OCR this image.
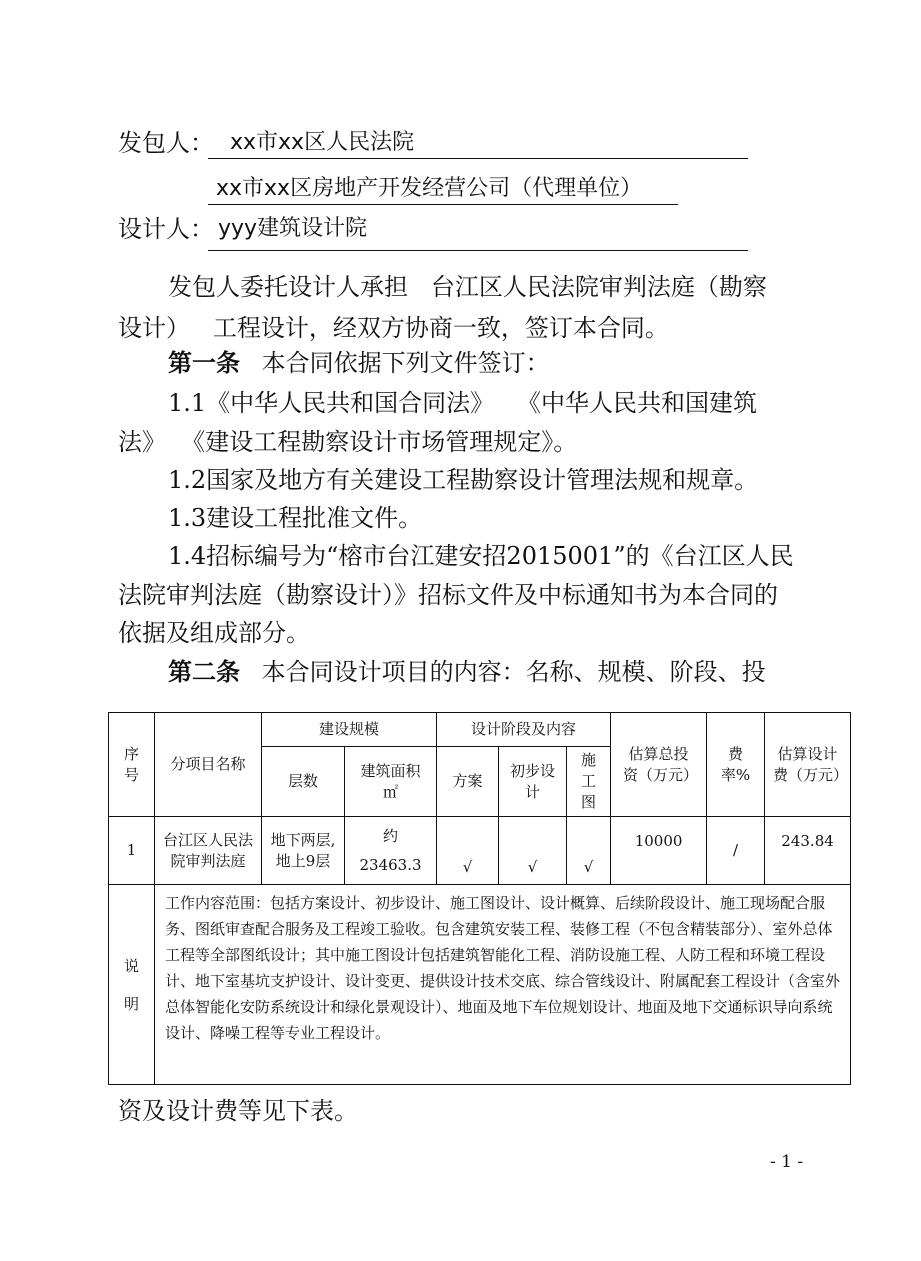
发包人： xx市xx区人民法院
xx市xx区房地产开发经营公司（代理单位）
设计人： yyy建筑设计院
发包人委托设计人承担   台江区人民法院审判法庭（勘察
设计）   工程设计，经双方协商一致，签订本合同。
第一条 本合同依据下列文件签订：
1.1《中华人民共和国合同法》   《中华人民共和国建筑
法》  《建设工程勘察设计市场管理规定》。
1.2国家及地方有关建设工程勘察设计管理法规和规章。
1.3建设工程批准文件。
1.4招标编号为“榕市台江建安招2015001”的《台江区人民
法院审判法庭（勘察设计）》招标文件及中标通知书为本合同的
依据及组成部分。
第二条 本合同设计项目的内容：名称、规模、阶段、投
序号	分项目名称	建设规模		设计阶段及内容			估算总投资（万元）	费率%	估算设计费（万元）
		层数	建筑面积㎡	方案	初步设计	施工图			
1	台江区人民法院审判法庭	地下两层,地上9层	约
23463.3	√	√	√	10000	/	243.84
说明	工作内容范围：包括方案设计、初步设计、施工图设计、设计概算、后续阶段设计、施工现场配合服务、图纸审查配合服务及工程竣工验收。包含建筑安装工程、装修工程（不包含精装部分）、室外总体工程等全部图纸设计；其中施工图设计包括建筑智能化工程、消防设施工程、人防工程和环境工程设计、地下室基坑支护设计、设计变更、提供设计技术交底、综合管线设计、附属配套工程设计（含室外总体智能化安防系统设计和绿化景观设计）、地面及地下车位规划设计、地面及地下交通标识导向系统设计、降噪工程等专业工程设计。								
资及设计费等见下表。
- 1 -
